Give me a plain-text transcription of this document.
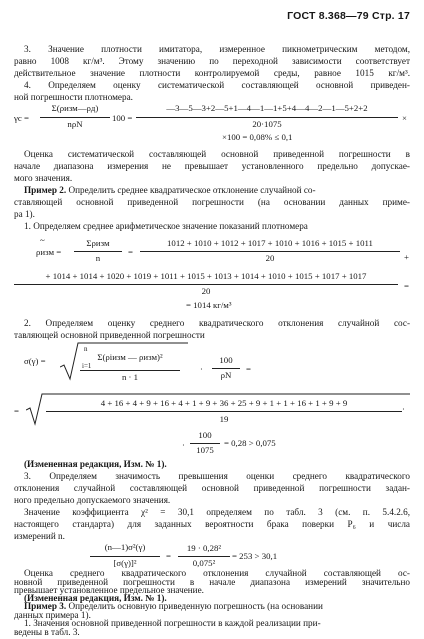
ГОСТ 8.368—79 Стр. 17
3. Значение плотности имитатора, измеренное пикнометрическим методом,
равно 1008 кг/м³. Этому значению по переходной зависимости соответствует
действительное значение плотности контролируемой среды, равное 1015 кг/м³.
4. Определяем оценку систематической составляющей основной приведен-
ной погрешности плотномера.
γс =
Σ(ρизм—ρд)
nρN
100 =
—3—5—3+2—5+1—4—1—1+5+4—4—2—1—5+2+2
20·1075
×
×100 = 0,08% ≤ 0,1
Оценка систематической составляющей основной приведенной погрешности в
начале диапазона измерения не превышает установленного предельно допускае-
мого значения.
Пример 2. Определить среднее квадратическое отклонение случайной со-
ставляющей основной приведенной погрешности (на основании данных приме-
ра 1).
1. Определяем среднее арифметическое значение показаний плотномера
~
ρизм =
Σρизм
n
=
1012 + 1010 + 1012 + 1017 + 1010 + 1016 + 1015 + 1011
20	+
+ 1014 + 1014 + 1020 + 1019 + 1011 + 1015 + 1013 + 1014 + 1010 + 1015 + 1017 + 1017
20	=
= 1014 кг/м³
2. Определяем оценку среднего квадратического отклонения случайной сос-
тавляющей основной приведенной погрешности
σ(γ) =
n
Σ(ρiизм — ρизм)²
i=1
n · 1
·
100
ρN
=
=
4 + 16 + 4 + 9 + 16 + 4 + 1 + 9 + 36 + 25 + 9 + 1 + 1 + 16 + 1 + 9 + 9
19
·
·
100
1075
= 0,28 > 0,075
(Измененная редакция, Изм. № 1).
3. Определяем значимость превышения оценки среднего квадратического
отклонения случайной составляющей основной приведенной погрешности задан-
ного предельно допускаемого значения.
Значение коэффициента χ² = 30,1 определяем по табл. 3 (см. п. 5.4.2.6,
настоящего стандарта) для заданных вероятности брака поверки P₆ и числа
измерений n.
(n—1)σ²(γ)
[σ(γ)]²
=
19 · 0,28²
0,075²
= 253 > 30,1
Оценка среднего квадратического отклонения случайной составляющей ос-
новной приведенной погрешности в начале диапазона измерений значительно
превышает установленное предельное значение.
(Измененная редакция, Изм. № 1).
Пример 3. Определить основную приведенную погрешность (на основании
данных примера 1).
1. Значения основной приведенной погрешности в каждой реализации при-
ведены в табл. 3.
